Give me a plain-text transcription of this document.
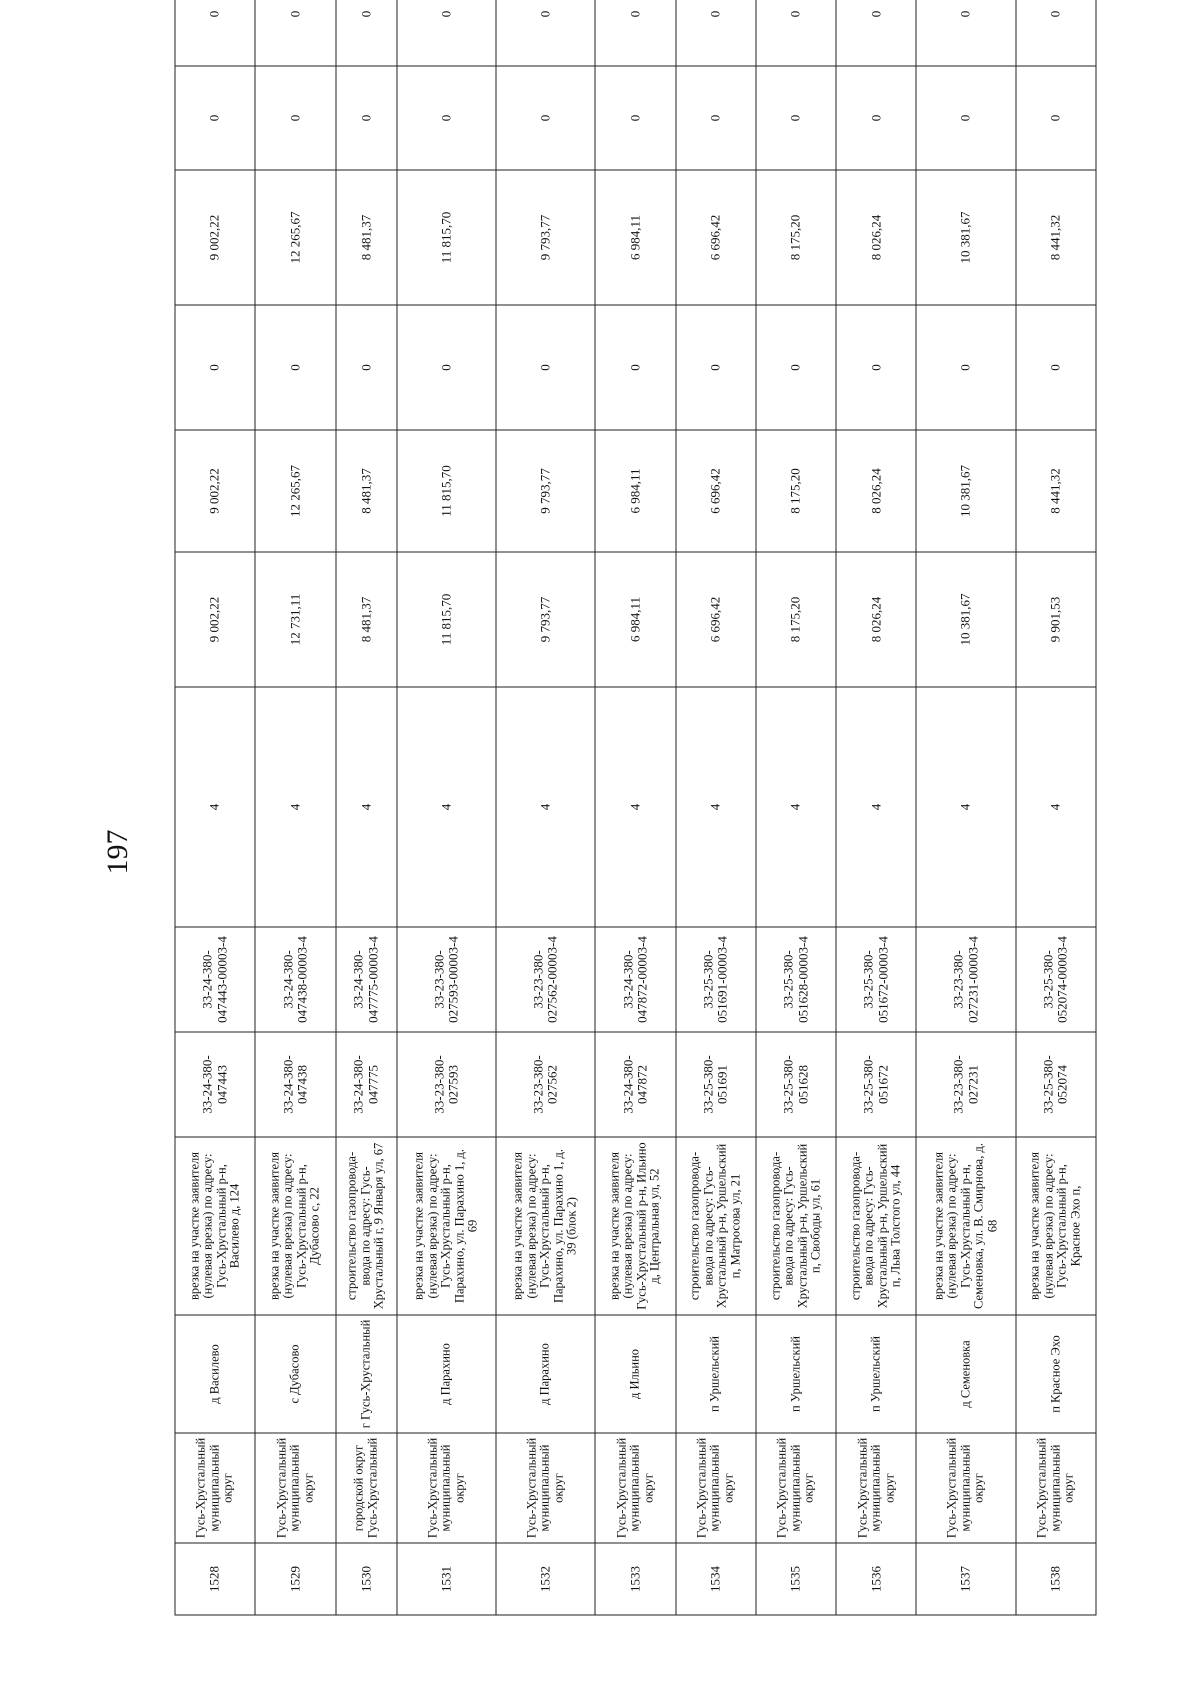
197
1528	Гусь-Хрустальный муниципальный округ	д Василево	врезка на участке заявителя (нулевая врезка) по адресу: Гусь-Хрустальный р-н, Василево д, 124	33-24-380-047443	33-24-380-047443-00003-4	4	9 002,22	9 002,22	0	9 002,22	0	0
1529	Гусь-Хрустальный муниципальный округ	с Дубасово	врезка на участке заявителя (нулевая врезка) по адресу: Гусь-Хрустальный р-н, Дубасово с, 22	33-24-380-047438	33-24-380-047438-00003-4	4	12 731,11	12 265,67	0	12 265,67	0	0
1530	городской округ Гусь-Хрустальный	г Гусь-Хрустальный	строительство газопровода-ввода по адресу: Гусь-Хрустальный г, 9 Января ул, 67	33-24-380-047775	33-24-380-047775-00003-4	4	8 481,37	8 481,37	0	8 481,37	0	0
1531	Гусь-Хрустальный муниципальный округ	д Парахино	врезка на участке заявителя (нулевая врезка) по адресу: Гусь-Хрустальный р-н, Парахино, ул. Парахино 1, д. 69	33-23-380-027593	33-23-380-027593-00003-4	4	11 815,70	11 815,70	0	11 815,70	0	0
1532	Гусь-Хрустальный муниципальный округ	д Парахино	врезка на участке заявителя (нулевая врезка) по адресу: Гусь-Хрустальный р-н, Парахино, ул. Парахино 1, д. 39 (блок 2)	33-23-380-027562	33-23-380-027562-00003-4	4	9 793,77	9 793,77	0	9 793,77	0	0
1533	Гусь-Хрустальный муниципальный округ	д Ильино	врезка на участке заявителя (нулевая врезка) по адресу: Гусь-Хрустальный р-н, Ильино д, Центральная ул, 52	33-24-380-047872	33-24-380-047872-00003-4	4	6 984,11	6 984,11	0	6 984,11	0	0
1534	Гусь-Хрустальный муниципальный округ	п Уршельский	строительство газопровода-ввода по адресу: Гусь-Хрустальный р-н, Уршельский п, Матросова ул, 21	33-25-380-051691	33-25-380-051691-00003-4	4	6 696,42	6 696,42	0	6 696,42	0	0
1535	Гусь-Хрустальный муниципальный округ	п Уршельский	строительство газопровода-ввода по адресу: Гусь-Хрустальный р-н, Уршельский п, Свободы ул, 61	33-25-380-051628	33-25-380-051628-00003-4	4	8 175,20	8 175,20	0	8 175,20	0	0
1536	Гусь-Хрустальный муниципальный округ	п Уршельский	строительство газопровода-ввода по адресу: Гусь-Хрустальный р-н, Уршельский п, Льва Толстого ул, 44	33-25-380-051672	33-25-380-051672-00003-4	4	8 026,24	8 026,24	0	8 026,24	0	0
1537	Гусь-Хрустальный муниципальный округ	д Семеновка	врезка на участке заявителя (нулевая врезка) по адресу: Гусь-Хрустальный р-н, Семеновка, ул. В. Смирнова, д. 68	33-23-380-027231	33-23-380-027231-00003-4	4	10 381,67	10 381,67	0	10 381,67	0	0
1538	Гусь-Хрустальный муниципальный округ	п Красное Эхо	врезка на участке заявителя (нулевая врезка) по адресу: Гусь-Хрустальный р-н, Красное Эхо п,	33-25-380-052074	33-25-380-052074-00003-4	4	9 901,53	8 441,32	0	8 441,32	0	0
